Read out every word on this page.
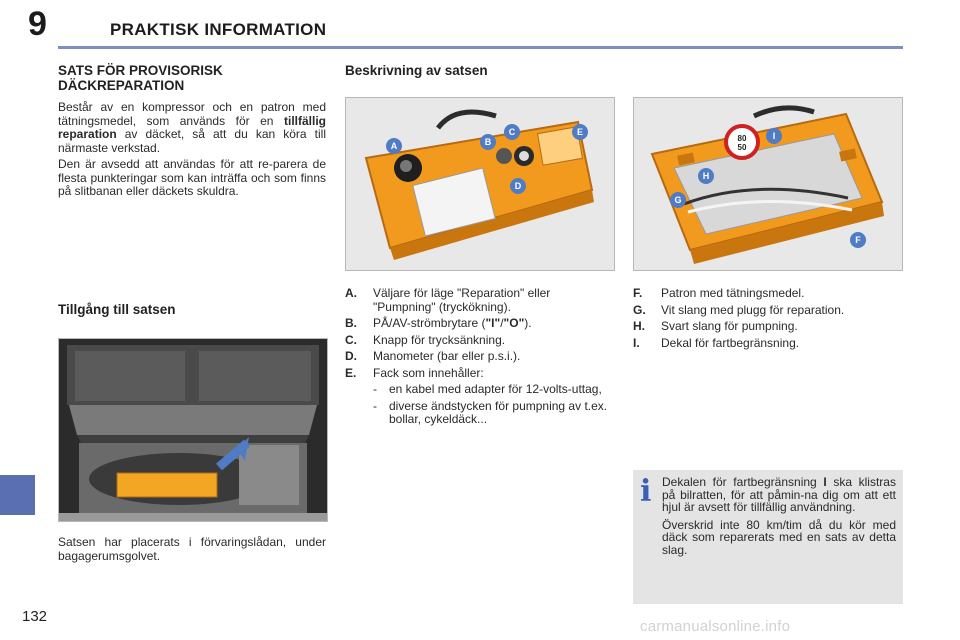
9	PRAKTISK INFORMATION
SATS FÖR PROVISORISK
DÄCKREPARATION
Består av en kompressor och en patron med tätningsmedel, som används för en tillfällig reparation av däcket, så att du kan köra till närmaste verkstad.
Den är avsedd att användas för att re-parera de flesta punkteringar som kan inträffa och som finns på slitbanan eller däckets skuldra.
Tillgång till satsen
Satsen har placerats i förvaringslådan, under bagagerumsgolvet.
Beskrivning av satsen
A	B
C
D
E
A. Väljare för läge "Reparation" eller "Pumpning" (tryckökning).
B. PÅ/AV-strömbrytare ("I"/"O").
C. Knapp för trycksänkning.
D. Manometer (bar eller p.s.i.).
E. Fack som innehåller:
- en kabel med adapter för 12-volts-uttag,
- diverse ändstycken för pumpning av t.ex. bollar, cykeldäck...
80
50
I
H
G
F
F. Patron med tätningsmedel.
G. Vit slang med plugg för reparation.
H. Svart slang för pumpning.
I. Dekal för fartbegränsning.
i Dekalen för fartbegränsning I ska klistras på bilratten, för att påmin-na dig om att ett hjul är avsett för tillfällig användning.

Överskrid inte 80 km/tim då du kör med däck som reparerats med en sats av detta slag.

132
carmanualsonline.info
